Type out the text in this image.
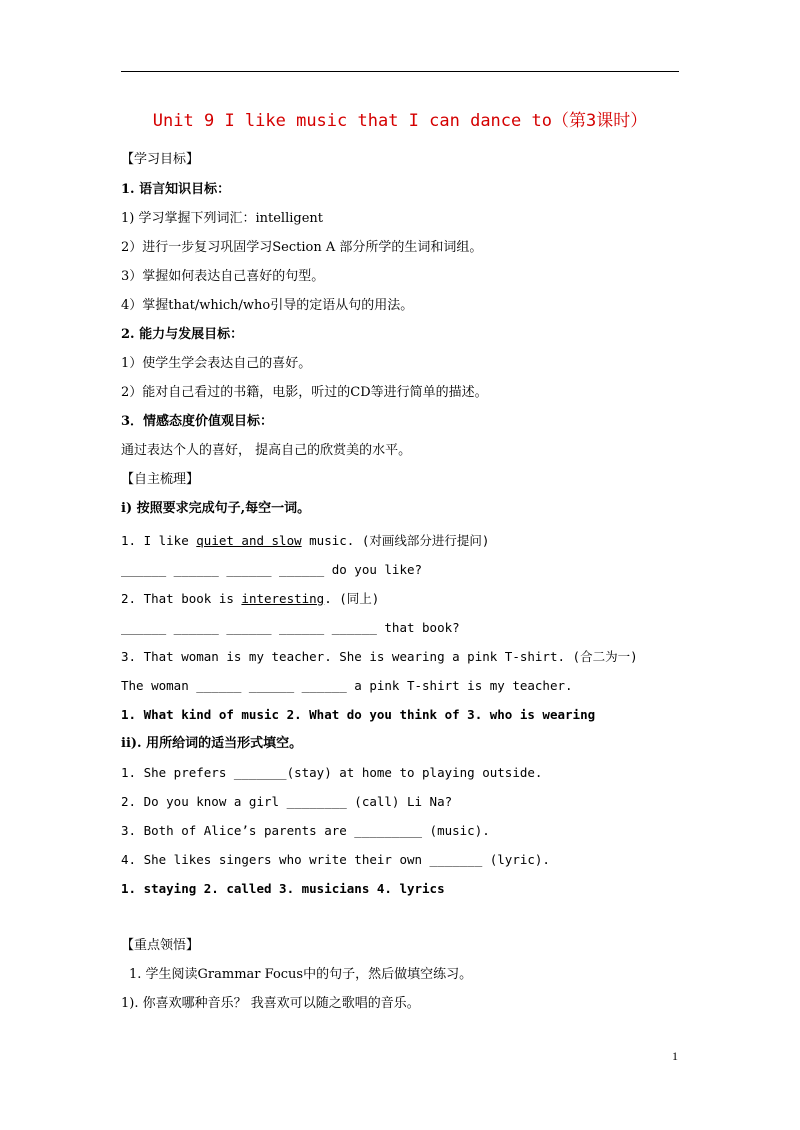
Unit 9 I like music that I can dance to（第3课时）
【学习目标】
1. 语言知识目标：
1) 学习掌握下列词汇：intelligent
2）进行一步复习巩固学习Section A 部分所学的生词和词组。
3）掌握如何表达自己喜好的句型。
4）掌握that/which/who引导的定语从句的用法。
2. 能力与发展目标：
1）使学生学会表达自己的喜好。
2）能对自己看过的书籍，电影，听过的CD等进行简单的描述。
3．情感态度价值观目标：
通过表达个人的喜好， 提高自己的欣赏美的水平。
【自主梳理】
i) 按照要求完成句子,每空一词。
1. I like quiet and slow music. (对画线部分进行提问)
______ ______ ______ ______ do you like?
2. That book is interesting. (同上)
______ ______ ______ ______ ______ that book?
3. That woman is my teacher. She is wearing a pink T-shirt. (合二为一)
The woman ______ ______ ______ a pink T-shirt is my teacher.
1. What kind of music 2. What do you think of 3. who is wearing
ii). 用所给词的适当形式填空。
1. She prefers _______(stay) at home to playing outside.
2. Do you know a girl ________ (call) Li Na?
3. Both of Alice’s parents are _________ (music).
4. She likes singers who write their own _______ (lyric).
1. staying 2. called 3. musicians 4. lyrics
【重点领悟】
1. 学生阅读Grammar Focus中的句子，然后做填空练习。
1). 你喜欢哪种音乐？ 我喜欢可以随之歌唱的音乐。
1
